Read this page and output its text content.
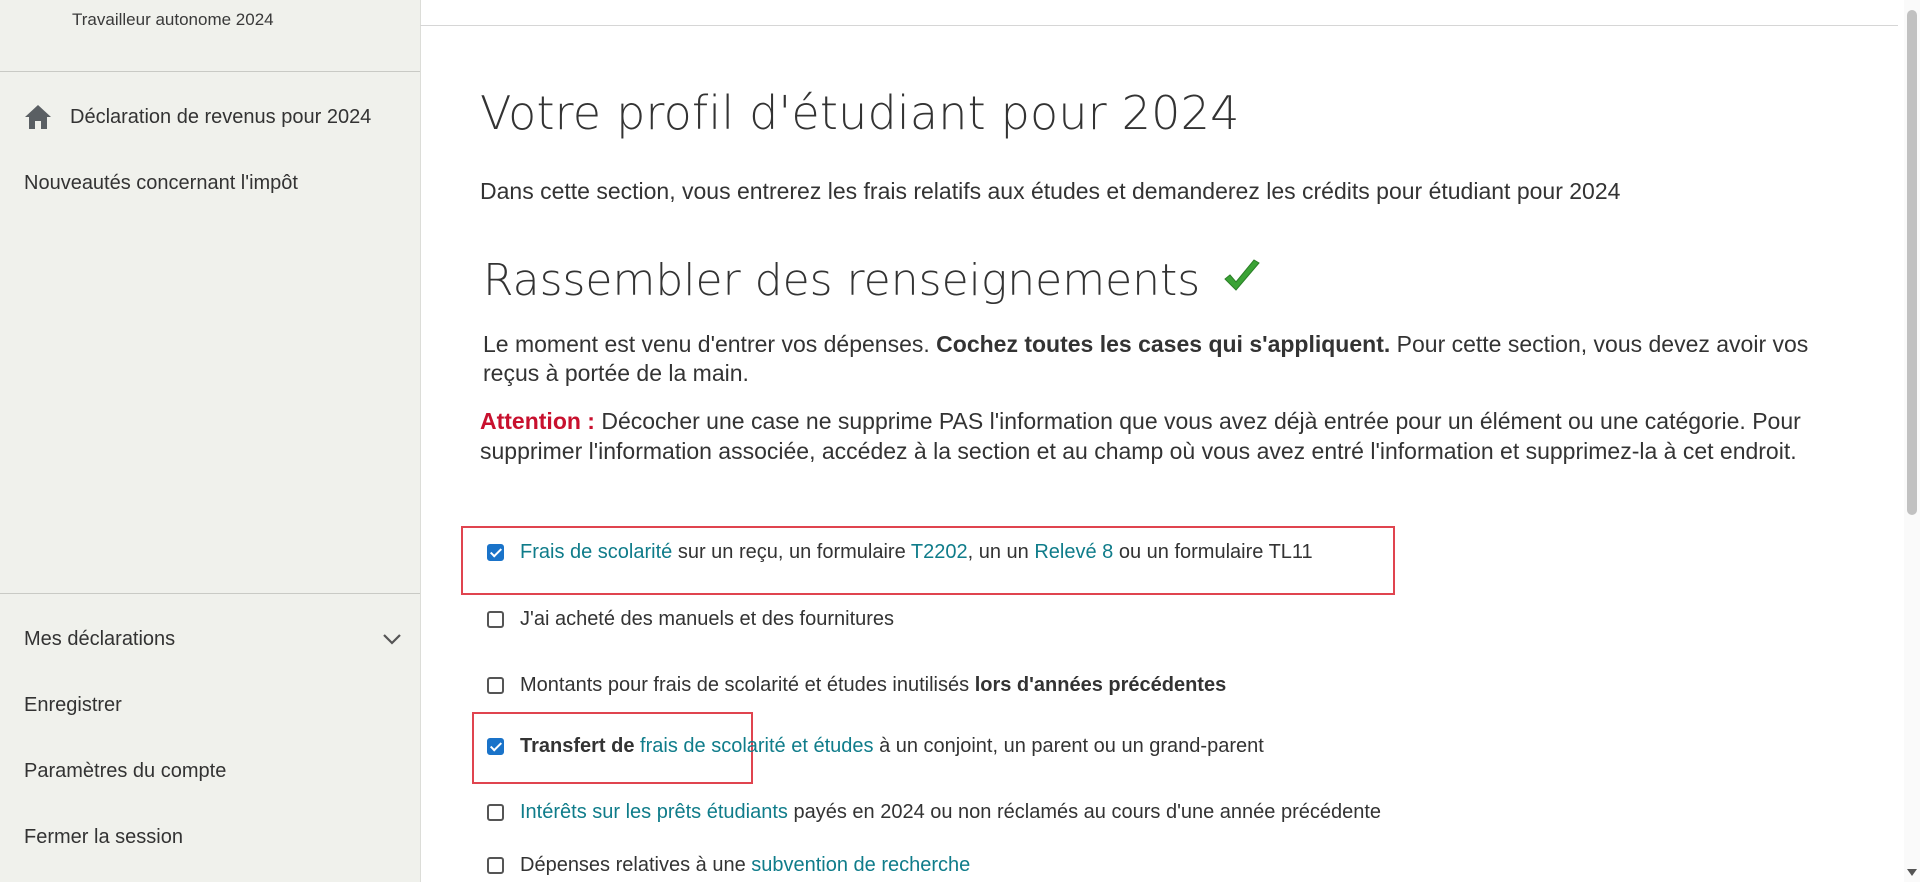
Travailleur autonome 2024
Déclaration de revenus pour 2024
Nouveautés concernant l'impôt
Mes déclarations
Enregistrer
Paramètres du compte
Fermer la session
Votre profil d'étudiant pour 2024
Dans cette section, vous entrerez les frais relatifs aux études et demanderez les crédits pour étudiant pour 2024
Rassembler des renseignements
Le moment est venu d'entrer vos dépenses. Cochez toutes les cases qui s'appliquent. Pour cette section, vous devez avoir vos reçus à portée de la main.
Attention : Décocher une case ne supprime PAS l'information que vous avez déjà entrée pour un élément ou une catégorie. Pour supprimer l'information associée, accédez à la section et au champ où vous avez entré l'information et supprimez-la à cet endroit.
Frais de scolarité sur un reçu, un formulaire T2202, un un Relevé 8 ou un formulaire TL11
J'ai acheté des manuels et des fournitures
Montants pour frais de scolarité et études inutilisés lors d'années précédentes
Transfert de frais de scolarité et études à un conjoint, un parent ou un grand-parent
Intérêts sur les prêts étudiants payés en 2024 ou non réclamés au cours d'une année précédente
Dépenses relatives à une subvention de recherche
